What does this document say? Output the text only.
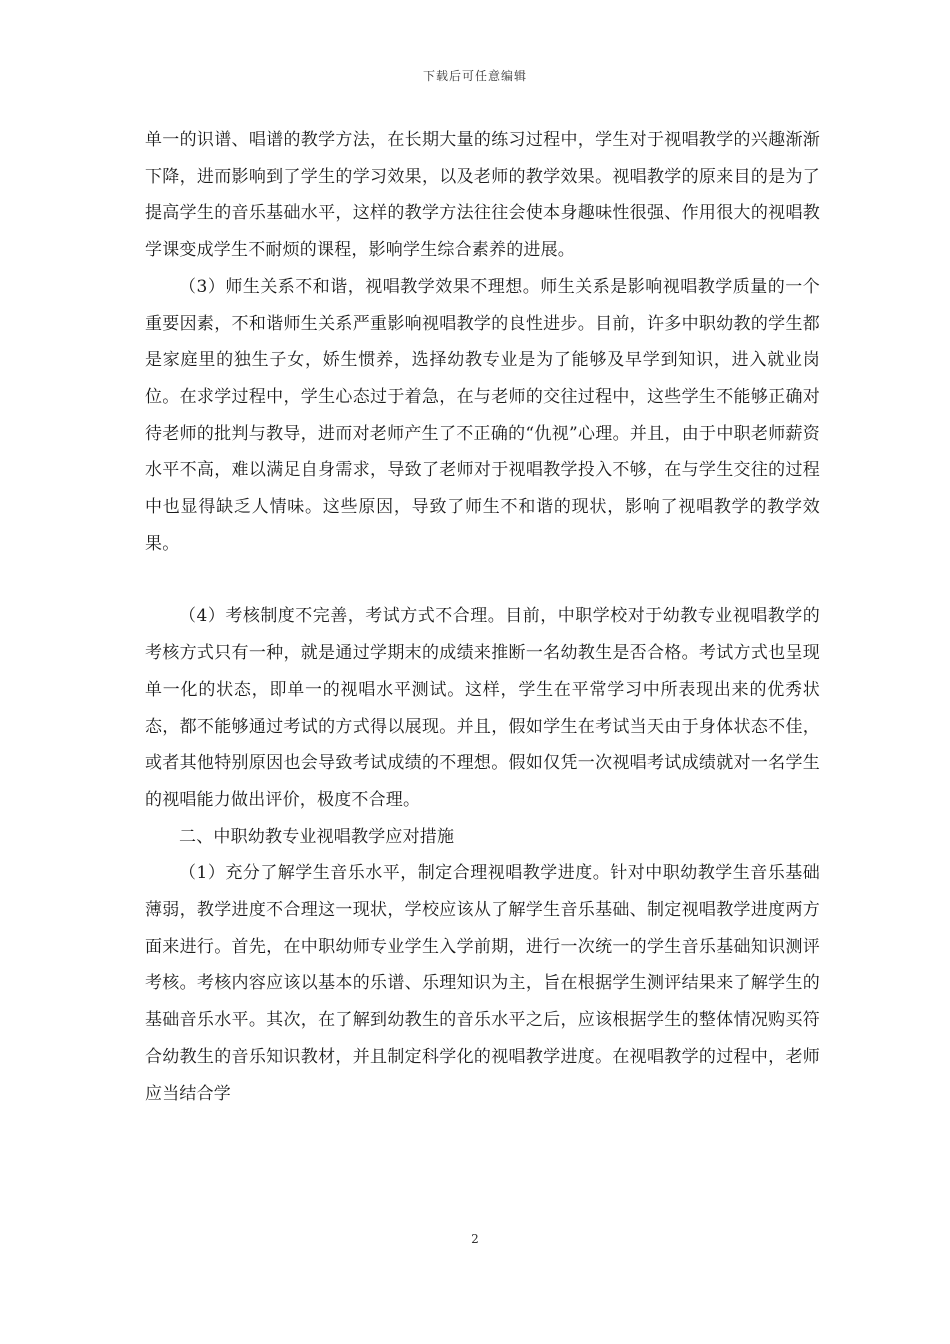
下载后可任意编辑

单一的识谱、唱谱的教学方法，在长期大量的练习过程中，学生对于视唱教学的兴趣渐渐下降，进而影响到了学生的学习效果，以及老师的教学效果。视唱教学的原来目的是为了提高学生的音乐基础水平，这样的教学方法往往会使本身趣味性很强、作用很大的视唱教学课变成学生不耐烦的课程，影响学生综合素养的进展。

（3）师生关系不和谐，视唱教学效果不理想。师生关系是影响视唱教学质量的一个重要因素，不和谐师生关系严重影响视唱教学的良性进步。目前，许多中职幼教的学生都是家庭里的独生子女，娇生惯养，选择幼教专业是为了能够及早学到知识，进入就业岗位。在求学过程中，学生心态过于着急，在与老师的交往过程中，这些学生不能够正确对待老师的批判与教导，进而对老师产生了不正确的“仇视”心理。并且，由于中职老师薪资水平不高，难以满足自身需求，导致了老师对于视唱教学投入不够，在与学生交往的过程中也显得缺乏人情味。这些原因，导致了师生不和谐的现状，影响了视唱教学的教学效果。

（4）考核制度不完善，考试方式不合理。目前，中职学校对于幼教专业视唱教学的考核方式只有一种，就是通过学期末的成绩来推断一名幼教生是否合格。考试方式也呈现单一化的状态，即单一的视唱水平测试。这样，学生在平常学习中所表现出来的优秀状态，都不能够通过考试的方式得以展现。并且，假如学生在考试当天由于身体状态不佳，或者其他特别原因也会导致考试成绩的不理想。假如仅凭一次视唱考试成绩就对一名学生的视唱能力做出评价，极度不合理。

二、中职幼教专业视唱教学应对措施

（1）充分了解学生音乐水平，制定合理视唱教学进度。针对中职幼教学生音乐基础薄弱，教学进度不合理这一现状，学校应该从了解学生音乐基础、制定视唱教学进度两方面来进行。首先，在中职幼师专业学生入学前期，进行一次统一的学生音乐基础知识测评考核。考核内容应该以基本的乐谱、乐理知识为主，旨在根据学生测评结果来了解学生的基础音乐水平。其次，在了解到幼教生的音乐水平之后，应该根据学生的整体情况购买符合幼教生的音乐知识教材，并且制定科学化的视唱教学进度。在视唱教学的过程中，老师应当结合学

2
